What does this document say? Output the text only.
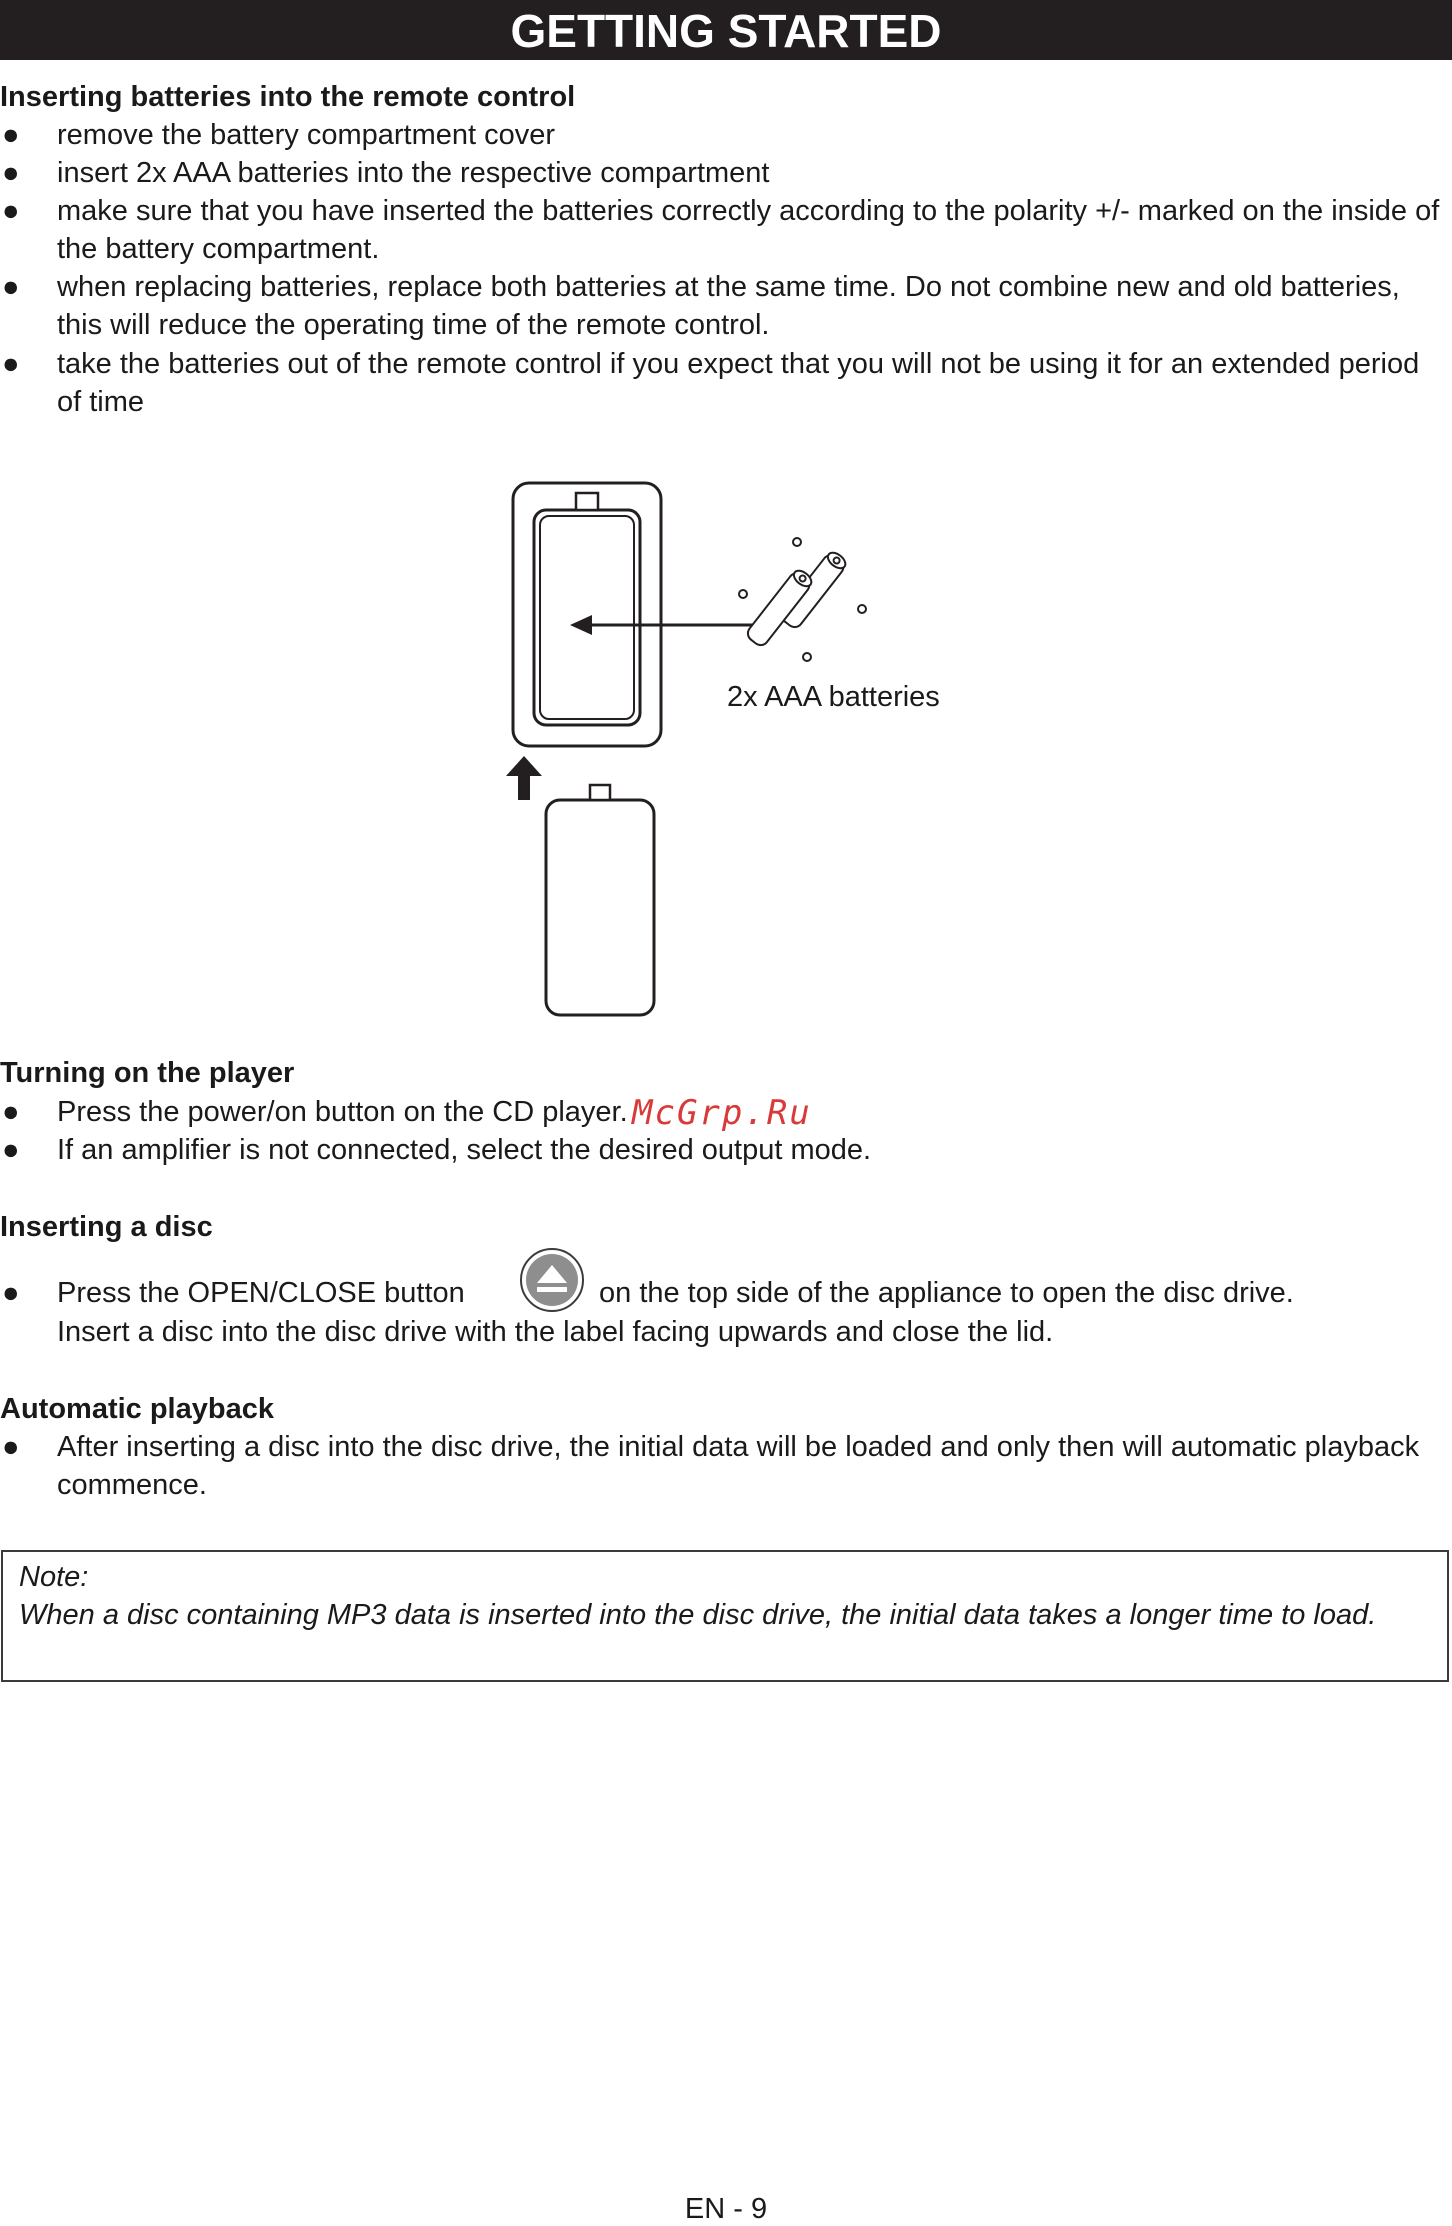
GETTING STARTED
Inserting batteries into the remote control
● remove the battery compartment cover
● insert 2x AAA batteries into the respective compartment
● make sure that you have inserted the batteries correctly according to the polarity +/- marked on the inside of the battery compartment.
● when replacing batteries, replace both batteries at the same time. Do not combine new and old batteries, this will reduce the operating time of the remote control.
● take the batteries out of the remote control if you expect that you will not be using it for an extended period of time
2x AAA batteries
Turning on the player
● Press the power/on button on the CD player.
● If an amplifier is not connected, select the desired output mode.
McGrp.Ru
Inserting a disc
● Press the OPEN/CLOSE button	on the top side of the appliance to open the disc drive.
Insert a disc into the disc drive with the label facing upwards and close the lid.
Automatic playback
● After inserting a disc into the disc drive, the initial data will be loaded and only then will automatic playback commence.
Note:
When a disc containing MP3 data is inserted into the disc drive, the initial data takes a longer time to load.
EN - 9
